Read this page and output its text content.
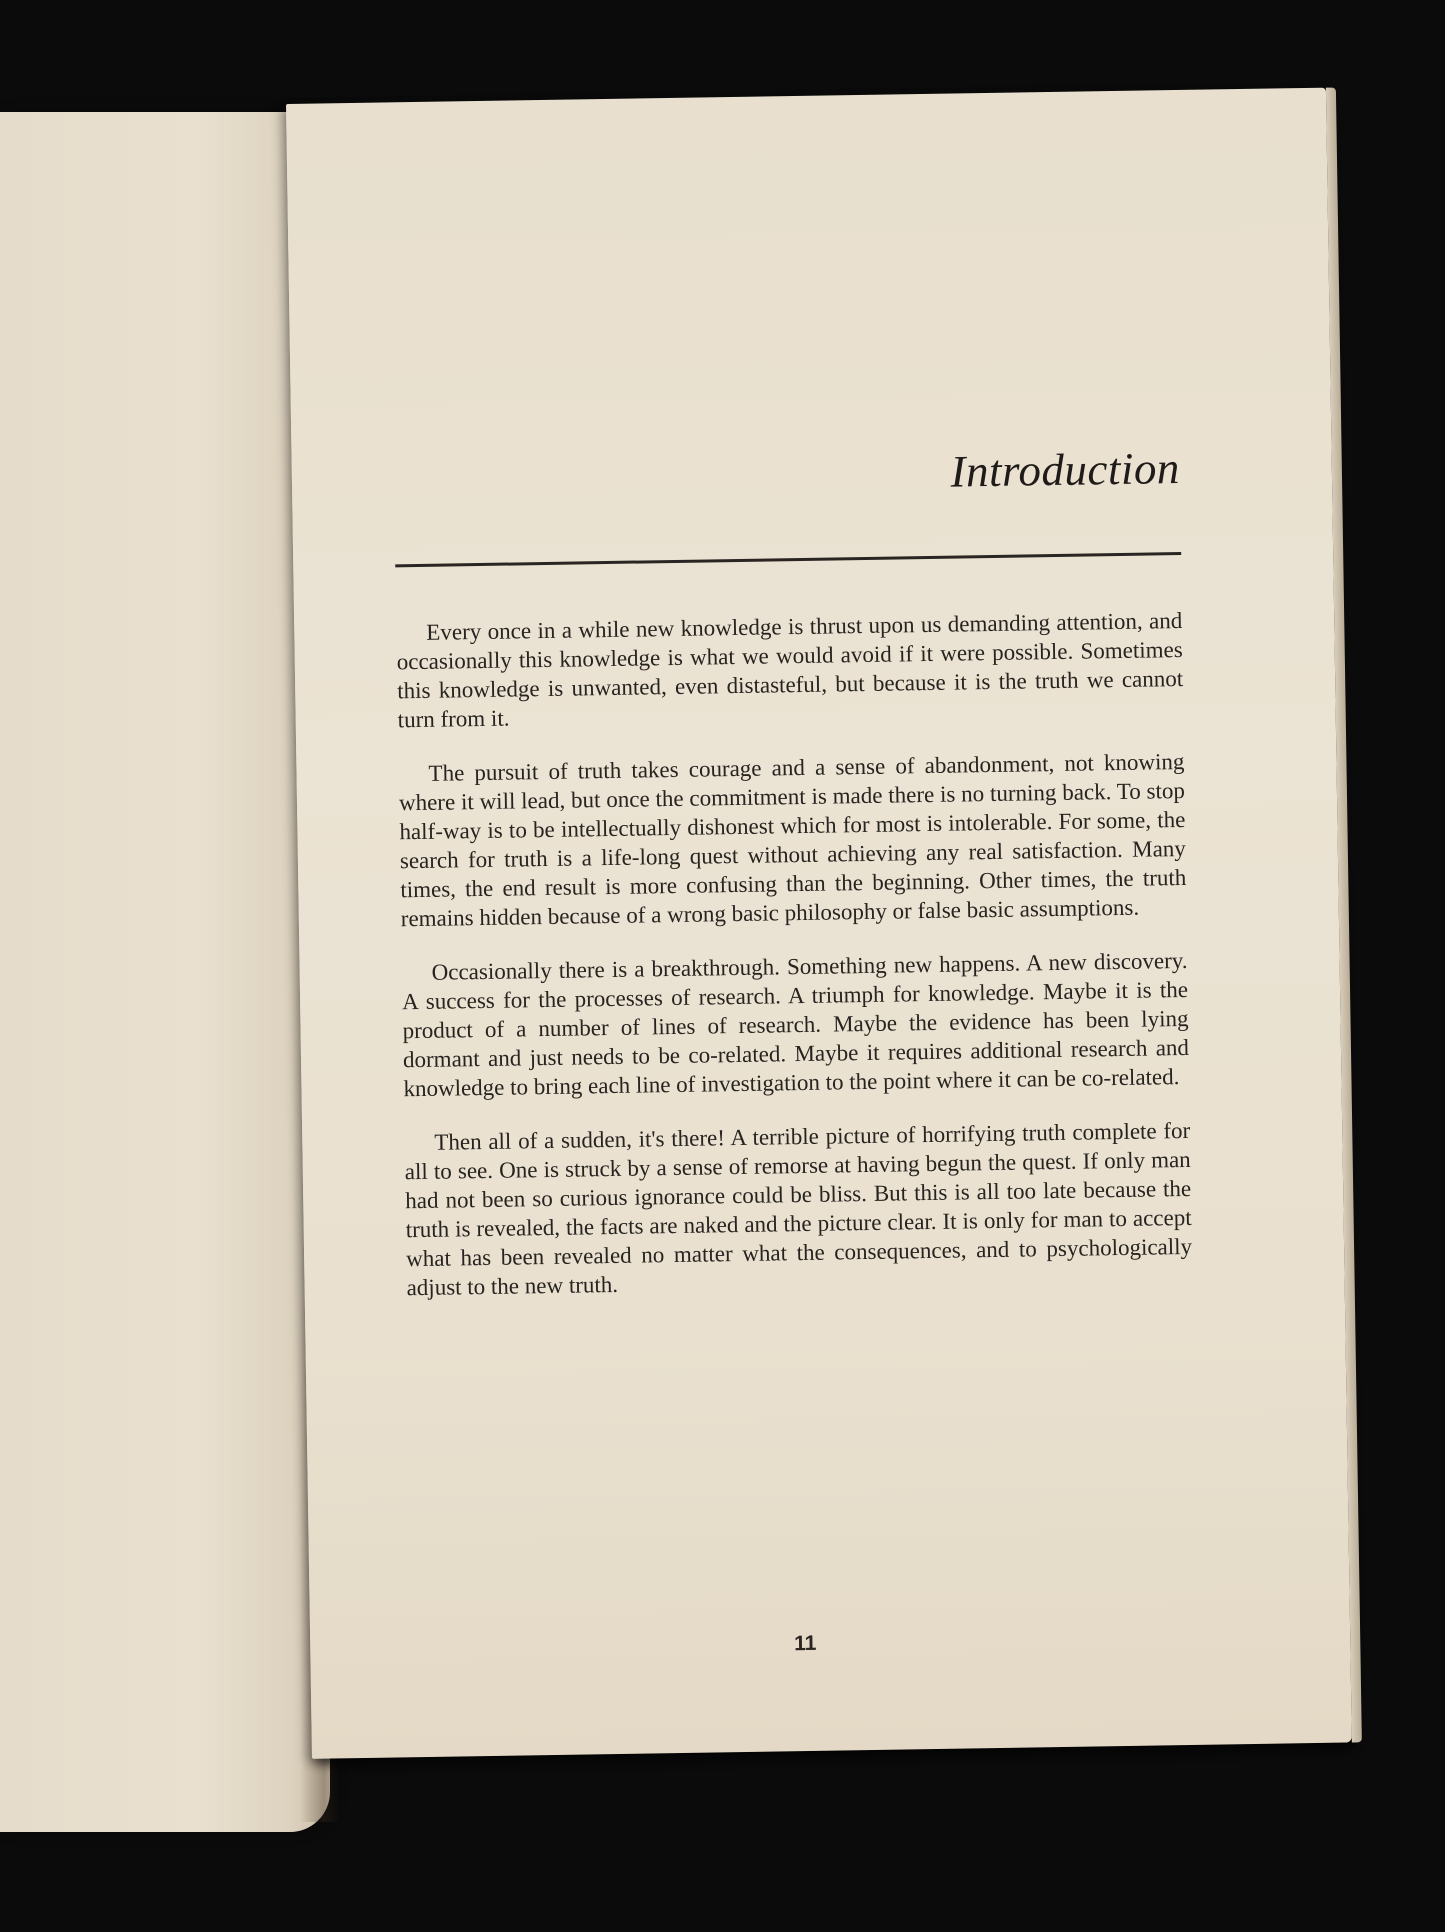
Introduction

Every once in a while new knowledge is thrust upon us demanding attention, and occasionally this knowledge is what we would avoid if it were possible. Sometimes this knowledge is unwanted, even distasteful, but because it is the truth we cannot turn from it.

The pursuit of truth takes courage and a sense of abandonment, not knowing where it will lead, but once the commitment is made there is no turning back. To stop half-way is to be intellectually dishonest which for most is intolerable. For some, the search for truth is a life-long quest without achieving any real satisfaction. Many times, the end result is more confusing than the beginning. Other times, the truth remains hidden because of a wrong basic philosophy or false basic assumptions.

Occasionally there is a breakthrough. Something new happens. A new discovery. A success for the processes of research. A triumph for knowledge. Maybe it is the product of a number of lines of research. Maybe the evidence has been lying dormant and just needs to be co-related. Maybe it requires additional research and knowledge to bring each line of investigation to the point where it can be co-related.

Then all of a sudden, it's there! A terrible picture of horrifying truth complete for all to see. One is struck by a sense of remorse at having begun the quest. If only man had not been so curious ignorance could be bliss. But this is all too late because the truth is revealed, the facts are naked and the picture clear. It is only for man to accept what has been revealed no matter what the consequences, and to psychologically adjust to the new truth.

11
